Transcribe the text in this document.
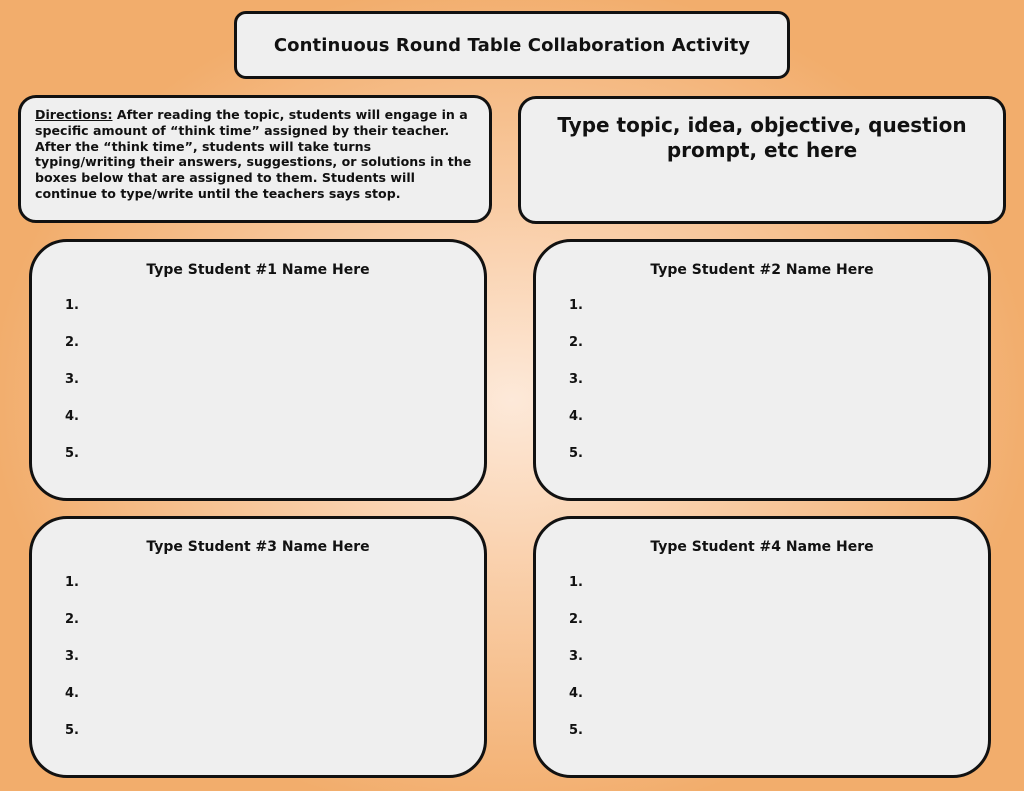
Continuous Round Table Collaboration Activity
Directions: After reading the topic, students will engage in a specific amount of “think time” assigned by their teacher. After the “think time”, students will take turns typing/writing their answers, suggestions, or solutions in the boxes below that are assigned to them. Students will continue to type/write until the teachers says stop.
Type topic, idea, objective, question
prompt, etc here
Type Student #1 Name Here
1.
2.
3.
4.
5.
Type Student #2 Name Here
1.
2.
3.
4.
5.
Type Student #3 Name Here
1.
2.
3.
4.
5.
Type Student #4 Name Here
1.
2.
3.
4.
5.
